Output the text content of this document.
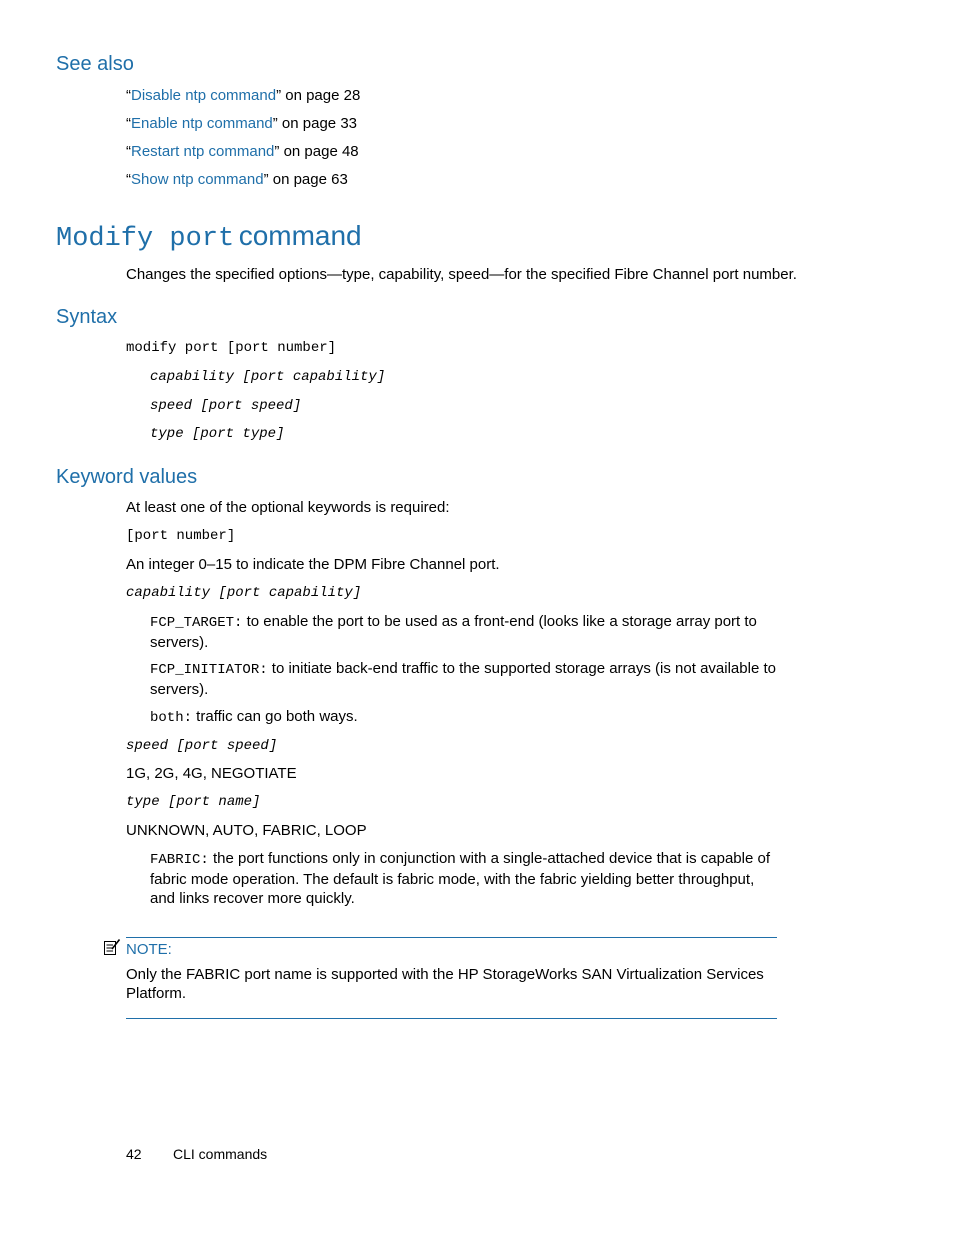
See also
“Disable ntp command” on page 28
“Enable ntp command” on page 33
“Restart ntp command” on page 48
“Show ntp command” on page 63
Modify port command
Changes the specified options—type, capability, speed—for the specified Fibre Channel port number.
Syntax
modify port [port number]
capability [port capability]
speed [port speed]
type [port type]
Keyword values
At least one of the optional keywords is required:
[port number]
An integer 0–15 to indicate the DPM Fibre Channel port.
capability [port capability]
FCP_TARGET: to enable the port to be used as a front-end (looks like a storage array port to servers).
FCP_INITIATOR: to initiate back-end traffic to the supported storage arrays (is not available to servers).
both: traffic can go both ways.
speed [port speed]
1G, 2G, 4G, NEGOTIATE
type [port name]
UNKNOWN, AUTO, FABRIC, LOOP
FABRIC: the port functions only in conjunction with a single-attached device that is capable of fabric mode operation. The default is fabric mode, with the fabric yielding better throughput, and links recover more quickly.
NOTE:
Only the FABRIC port name is supported with the HP StorageWorks SAN Virtualization Services Platform.
42 CLI commands
